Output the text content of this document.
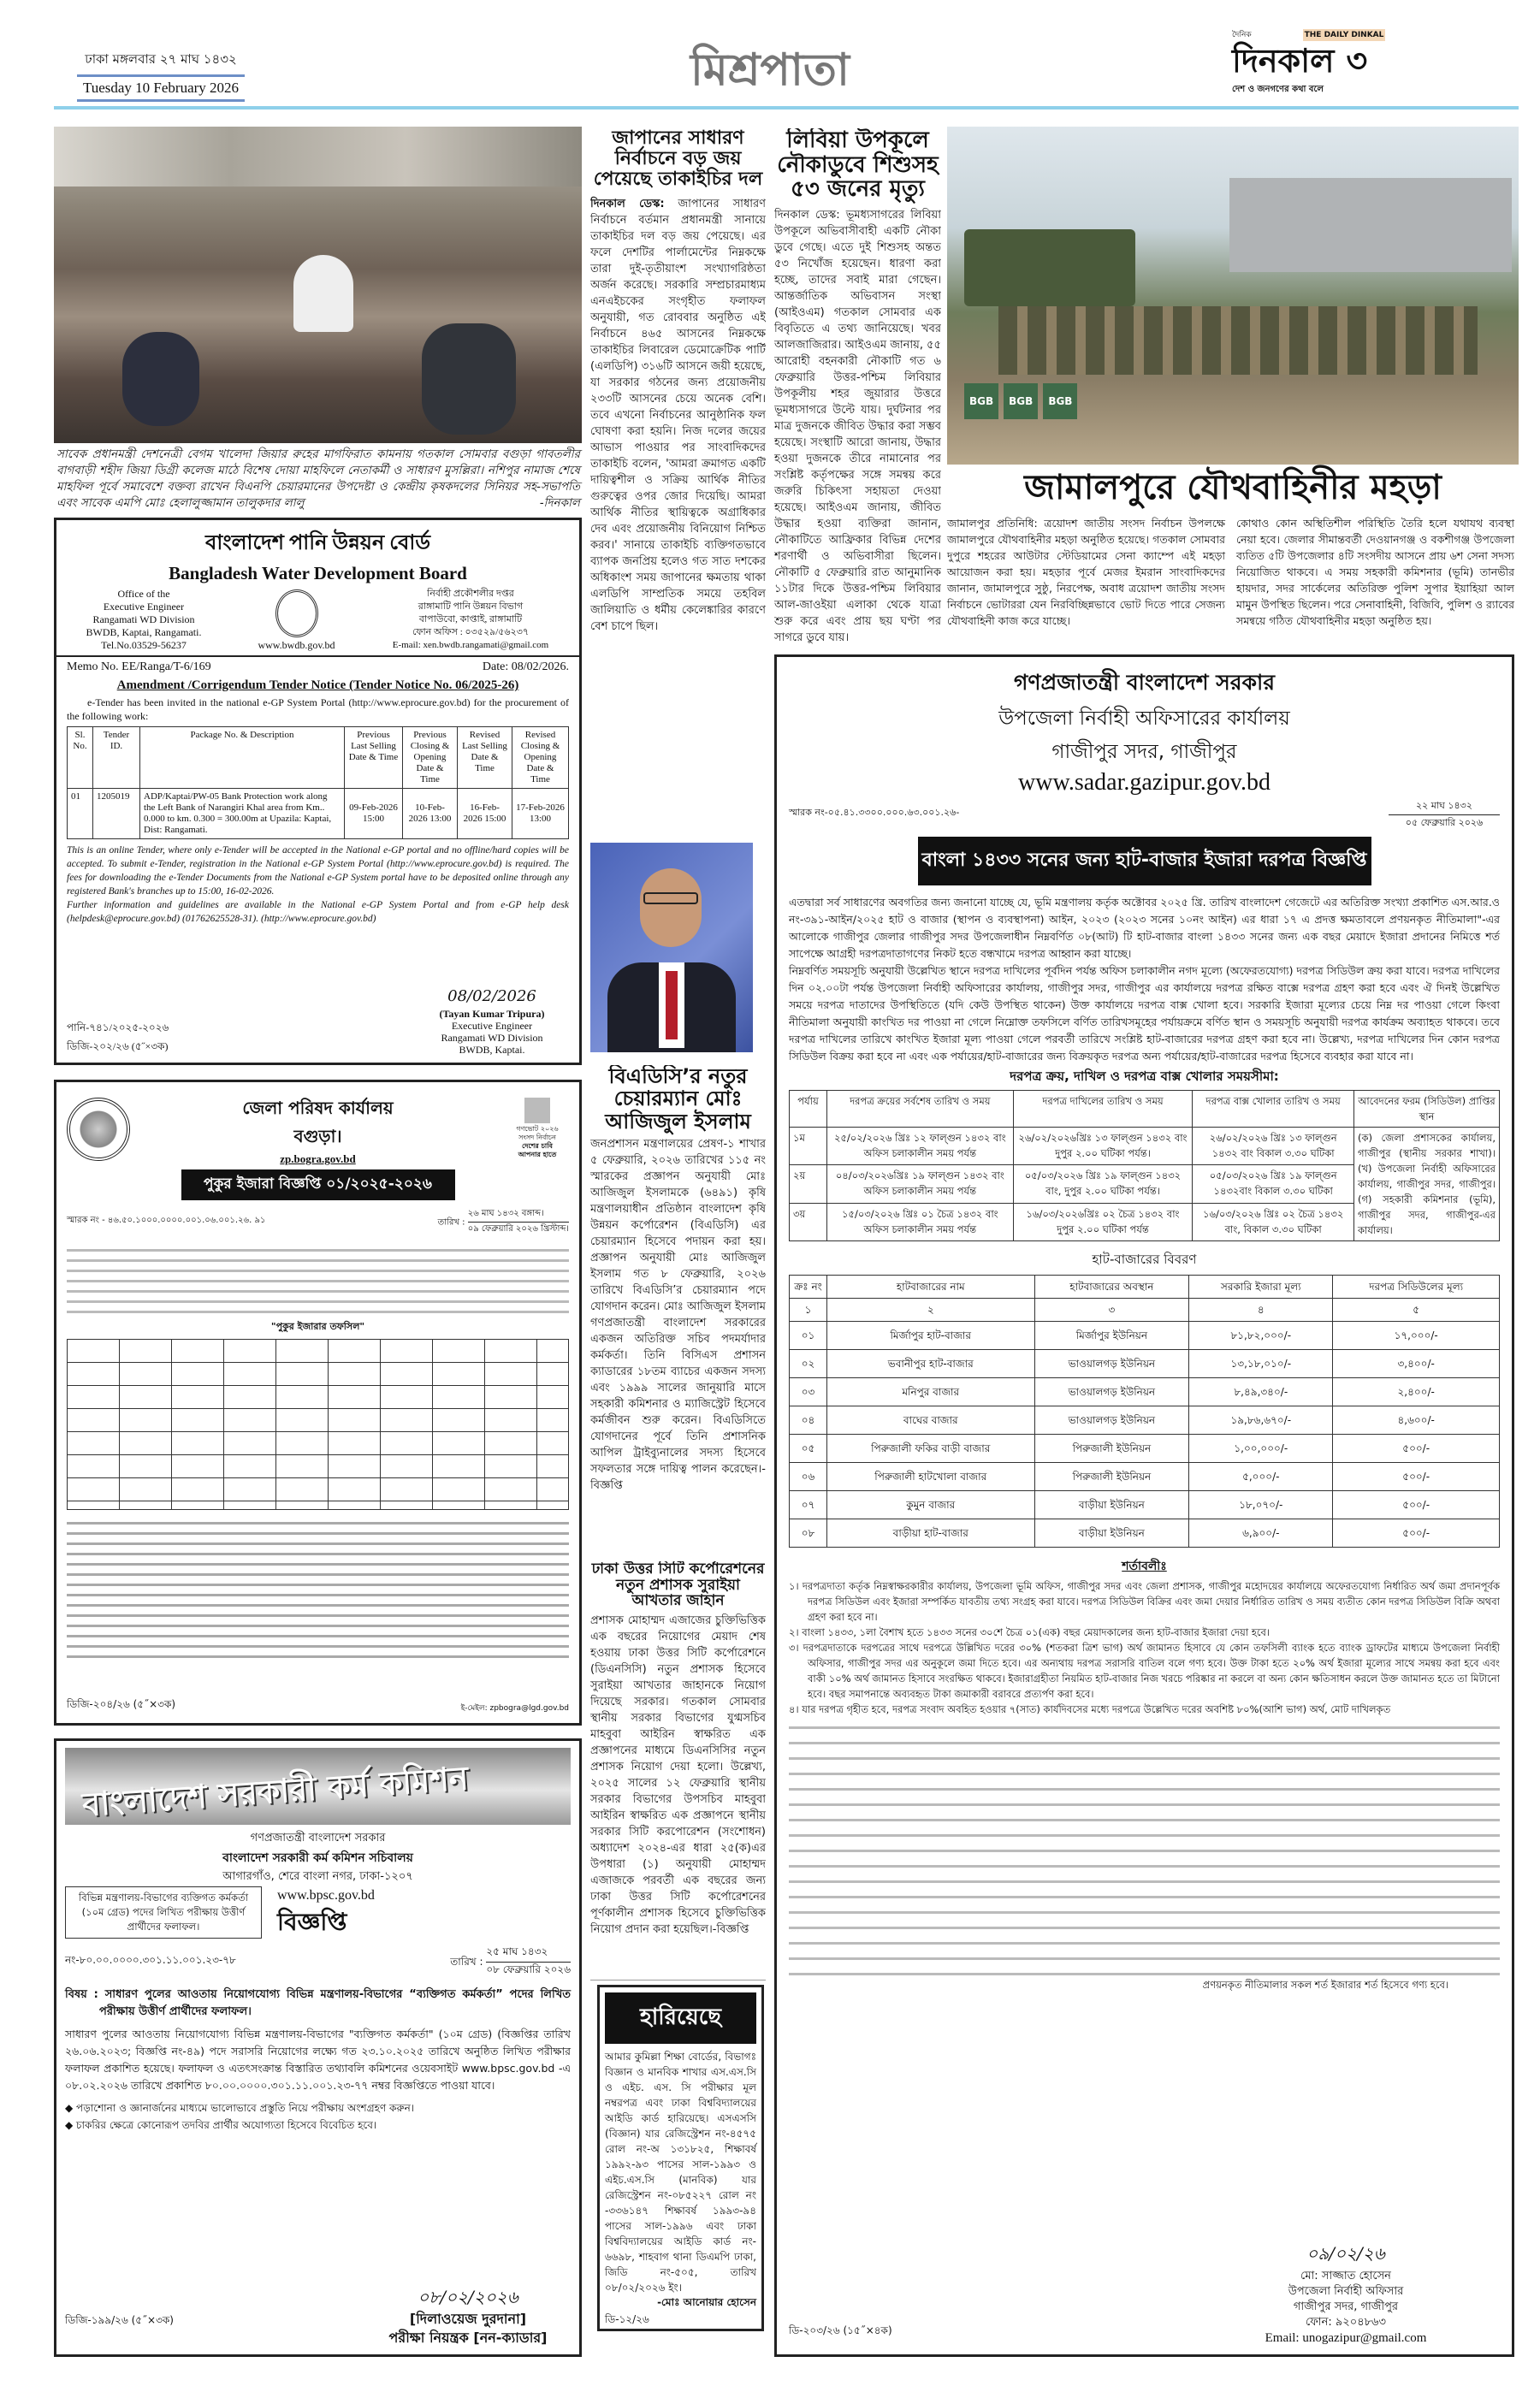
ঢাকা মঙ্গলবার ২৭ মাঘ ১৪৩২
Tuesday 10 February 2026	মিশ্রপাতা
দৈনিক	THE DAILY DINKAL
দিনকাল ৩
দেশ ও জনগণের কথা বলে
সাবেক প্রধানমন্ত্রী দেশনেত্রী বেগম খালেদা জিয়ার রুহের মাগফিরাত কামনায় গতকাল সোমবার বগুড়া গাবতলীর বাগবাড়ী শহীদ জিয়া ডিগ্রী কলেজ মাঠে বিশেষ দোয়া মাহফিলে নেতাকর্মী ও সাধারণ মুসল্লিরা। নশিপুর নামাজ শেষে মাহফিল পূর্বে সমাবেশে বক্তব্য রাখেন বিএনপি চেয়ারমানের উপদেষ্টা ও কেন্দ্রীয় কৃষকদলের সিনিয়র সহ-সভাপতি এবং সাবেক এমপি মোঃ হেলালুজ্জামান তালুকদার লালু	-দিনকাল
বাংলাদেশ পানি উন্নয়ন বোর্ড
Bangladesh Water Development Board
Office of the
Executive Engineer
Rangamati WD Division
BWDB, Kaptai, Rangamati.
Tel.No.03529-56237	www.bwdb.gov.bd
নির্বাহী প্রকৌশলীর দপ্তর
রাঙ্গামাটি পানি উন্নয়ন বিভাগ
বাপাউবো, কাপ্তাই, রাঙ্গামাটি
ফোন অফিস : ০৩৫২৯/৫৬২৩৭
E-mail: xen.bwdb.rangamati@gmail.com
Memo No. EE/Ranga/T-6/169	Date: 08/02/2026.
Amendment /Corrigendum Tender Notice (Tender Notice No. 06/2025-26)
e-Tender has been invited in the national e-GP System Portal (http://www.eprocure.gov.bd) for the procurement of the following work:
Sl. No.	Tender ID.	Package No. & Description	Previous Last Selling Date & Time	Previous Closing & Opening Date & Time	Revised Last Selling Date & Time	Revised Closing & Opening Date & Time
01	1205019	ADP/Kaptai/PW-05 Bank Protection work along the Left Bank of Narangiri Khal area from Km.. 0.000 to km. 0.300 = 300.00m at Upazila: Kaptai, Dist: Rangamati.	09-Feb-2026 15:00	10-Feb-2026 13:00	16-Feb-2026 15:00	17-Feb-2026 13:00
This is an online Tender, where only e-Tender will be accepted in the National e-GP portal and no offline/hard copies will be accepted. To submit e-Tender, registration in the National e-GP System Portal (http://www.eprocure.gov.bd) is required. The fees for downloading the e-Tender Documents from the National e-GP System portal have to be deposited online through any registered Bank's branches up to 15:00, 16-02-2026.
Further information and guidelines are available in the National e-GP System Portal and from e-GP help desk (helpdesk@eprocure.gov.bd) (01762625528-31). (http://www.eprocure.gov.bd)
পানি-৭৪১/২০২৫-২০২৬
ডিজি-২০২/২৬ (৫˝×৩ক)
08/02/2026
(Tayan Kumar Tripura)
Executive Engineer
Rangamati WD Division
BWDB, Kaptai.
জেলা পরিষদ কার্যালয়
বগুড়া।
zp.bogra.gov.bd
পুকুর ইজারা বিজ্ঞপ্তি ০১/২০২৫-২০২৬
গণভোট ২০২৬
সংসদ নির্বাচন
দেশের চাবি
আপনার হাতে
স্মারক নং - ৪৬.৫০.১০০০.০০০০.০০১.০৬.০০১.২৬. ৯১	তারিখ :
২৬ মাঘ ১৪৩২ বঙ্গাব্দ।
০৯ ফেব্রুয়ারি ২০২৬ খ্রিস্টাব্দ।
"পুকুর ইজারার তফসিল"
ডিজি-২০৪/২৬ (৫˝×৩ক)	ই-মেইল: zpbogra@lgd.gov.bd
বাংলাদেশ সরকারী কর্ম কমিশন
গণপ্রজাতন্ত্রী বাংলাদেশ সরকার
বাংলাদেশ সরকারী কর্ম কমিশন সচিবালয়
আগারগাঁও, শেরে বাংলা নগর, ঢাকা-১২০৭
বিভিন্ন মন্ত্রণালয়-বিভাগের ব্যক্তিগত কর্মকর্তা (১০ম গ্রেড) পদের লিখিত পরীক্ষায় উত্তীর্ণ প্রার্থীদের ফলাফল।
www.bpsc.gov.bd
বিজ্ঞপ্তি
নং-৮০.০০.০০০০.৩০১.১১.০০১.২৩-৭৮	তারিখ :
২৫ মাঘ ১৪৩২
০৮ ফেব্রুয়ারি ২০২৬
বিষয় : সাধারণ পুলের আওতায় নিয়োগযোগ্য বিভিন্ন মন্ত্রণালয়-বিভাগের “ব্যক্তিগত কর্মকর্তা” পদের লিখিত পরীক্ষায় উত্তীর্ণ প্রার্থীদের ফলাফল।
সাধারণ পুলের আওতায় নিয়োগযোগ্য বিভিন্ন মন্ত্রণালয়-বিভাগের "ব্যক্তিগত কর্মকর্তা" (১০ম গ্রেড) (বিজ্ঞপ্তির তারিখ ২৬.০৬.২০২৩; বিজ্ঞপ্তি নং-৪৯) পদে সরাসরি নিয়োগের লক্ষ্যে গত ২৩.১০.২০২৫ তারিখে অনুষ্ঠিত লিখিত পরীক্ষার ফলাফল প্রকাশিত হয়েছে। ফলাফল ও এতৎসংক্রান্ত বিস্তারিত তথ্যাবলি কমিশনের ওয়েবসাইট www.bpsc.gov.bd -এ ০৮.০২.২০২৬ তারিখে প্রকাশিত ৮০.০০.০০০০.৩০১.১১.০০১.২৩-৭৭ নম্বর বিজ্ঞপ্তিতে পাওয়া যাবে।
◆ পড়াশোনা ও জ্ঞানার্জনের মাধ্যমে ভালোভাবে প্রস্তুতি নিয়ে পরীক্ষায় অংশগ্রহণ করুন।
◆ চাকরির ক্ষেত্রে কোনোরূপ তদবির প্রার্থীর অযোগ্যতা হিসেবে বিবেচিত হবে।
ডিজি-১৯৯/২৬ (৫˝×৩ক)
০৮/০২/২০২৬
[দিলাওয়েজ দুরদানা]
পরীক্ষা নিয়ন্ত্রক [নন-ক্যাডার]
জাপানের সাধারণ নির্বাচনে বড় জয় পেয়েছে তাকাইচির দল
দিনকাল ডেস্ক: জাপানের সাধারণ নির্বাচনে বর্তমান প্রধানমন্ত্রী সানায়ে তাকাইচির দল বড় জয় পেয়েছে। এর ফলে দেশটির পার্লামেন্টের নিম্নকক্ষে তারা দুই-তৃতীয়াংশ সংখ্যাগরিষ্ঠতা অর্জন করেছে। সরকারি সম্প্রচারমাধ্যম এনএইচকের সংগৃহীত ফলাফল অনুযায়ী, গত রোববার অনুষ্ঠিত এই নির্বাচনে ৪৬৫ আসনের নিম্নকক্ষে তাকাইচির লিবারেল ডেমোক্রেটিক পার্টি (এলডিপি) ৩১৬টি আসনে জয়ী হয়েছে, যা সরকার গঠনের জন্য প্রয়োজনীয় ২৩৩টি আসনের চেয়ে অনেক বেশি। তবে এখনো নির্বাচনের আনুষ্ঠানিক ফল ঘোষণা করা হয়নি। নিজ দলের জয়ের আভাস পাওয়ার পর সাংবাদিকদের তাকাইচি বলেন, 'আমরা ক্রমাগত একটি দায়িত্বশীল ও সক্রিয় আর্থিক নীতির গুরুত্বের ওপর জোর দিয়েছি। আমরা আর্থিক নীতির স্থায়িত্বকে অগ্রাধিকার দেব এবং প্রয়োজনীয় বিনিয়োগ নিশ্চিত করব।' সানায়ে তাকাইচি ব্যক্তিগতভাবে ব্যাপক জনপ্রিয় হলেও গত সাত দশকের অধিকাংশ সময় জাপানের ক্ষমতায় থাকা এলডিপি সাম্প্রতিক সময়ে তহবিল জালিয়াতি ও ধর্মীয় কেলেঙ্কারির কারণে বেশ চাপে ছিল।
লিবিয়া উপকূলে নৌকাডুবে শিশুসহ ৫৩ জনের মৃত্যু
দিনকাল ডেস্ক: ভূমধ্যসাগরের লিবিয়া উপকূলে অভিবাসীবাহী একটি নৌকা ডুবে গেছে। এতে দুই শিশুসহ অন্তত ৫৩ নিখোঁজ হয়েছেন। ধারণা করা হচ্ছে, তাদের সবাই মারা গেছেন। আন্তর্জাতিক অভিবাসন সংস্থা (আইওএম) গতকাল সোমবার এক বিবৃতিতে এ তথ্য জানিয়েছে। খবর আলজাজিরার। আইওএম জানায়, ৫৫ আরোহী বহনকারী নৌকাটি গত ৬ ফেব্রুয়ারি উত্তর-পশ্চিম লিবিয়ার উপকূলীয় শহর জুয়ারার উত্তরে ভূমধ্যসাগরে উল্টে যায়। দুর্ঘটনার পর মাত্র দুজনকে জীবিত উদ্ধার করা সম্ভব হয়েছে। সংস্থাটি আরো জানায়, উদ্ধার হওয়া দুজনকে তীরে নামানোর পর সংশ্লিষ্ট কর্তৃপক্ষের সঙ্গে সমন্বয় করে জরুরি চিকিৎসা সহায়তা দেওয়া হয়েছে। আইওএম জানায়, জীবিত উদ্ধার হওয়া ব্যক্তিরা জানান, নৌকাটিতে আফ্রিকার বিভিন্ন দেশের শরণার্থী ও অভিবাসীরা ছিলেন। নৌকাটি ৫ ফেব্রুয়ারি রাত আনুমানিক ১১টার দিকে উত্তর-পশ্চিম লিবিয়ার আল-জাওইয়া এলাকা থেকে যাত্রা শুরু করে এবং প্রায় ছয় ঘণ্টা পর সাগরে ডুবে যায়।
BGB	BGB	BGB
জামালপুরে যৌথবাহিনীর মহড়া
জামালপুর প্রতিনিধি: ত্রয়োদশ জাতীয় সংসদ নির্বাচন উপলক্ষে জামালপুরে যৌথবাহিনীর মহড়া অনুষ্ঠিত হয়েছে। গতকাল সোমবার দুপুরে শহরের আউটার স্টেডিয়ামের সেনা ক্যাম্পে এই মহড়া আয়োজন করা হয়। মহড়ার পূর্বে মেজর ইমরান সাংবাদিকদের জানান, জামালপুরে সুষ্ঠু, নিরপেক্ষ, অবাধ ত্রয়োদশ জাতীয় সংসদ নির্বাচনে ভোটাররা যেন নিরবিচ্ছিন্নভাবে ভোট দিতে পারে সেজন্য যৌথবাহিনী কাজ করে যাচ্ছে।
কোথাও কোন অস্থিতিশীল পরিস্থিতি তৈরি হলে যথাযথ ব্যবস্থা নেয়া হবে। জেলার সীমান্তবর্তী দেওয়ানগঞ্জ ও বকশীগঞ্জ উপজেলা ব্যতিত ৫টি উপজেলার ৪টি সংসদীয় আসনে প্রায় ৬শ সেনা সদস্য নিয়োজিত থাকবে। এ সময় সহকারী কমিশনার (ভূমি) তানভীর হায়দার, সদর সার্কেলের অতিরিক্ত পুলিশ সুপার ইয়াহিয়া আল মামুন উপস্থিত ছিলেন। পরে সেনাবাহিনী, বিজিবি, পুলিশ ও র‌্যাবের সমন্বয়ে গঠিত যৌথবাহিনীর মহড়া অনুষ্ঠিত হয়।
বিএডিসি’র নতুর চেয়ারম্যান মোঃ আজিজুল ইসলাম
জনপ্রশাসন মন্ত্রণালয়ের প্রেষণ-১ শাখার ৫ ফেব্রুয়ারি, ২০২৬ তারিখের ১১৫ নং স্মারকের প্রজ্ঞাপন অনুযায়ী মোঃ আজিজুল ইসলামকে (৬৪৯১) কৃষি মন্ত্রণালয়াধীন প্রতিষ্ঠান বাংলাদেশ কৃষি উন্নয়ন কর্পোরেশন (বিএডিসি) এর চেয়ারম্যান হিসেবে পদায়ন করা হয়। প্রজ্ঞাপন অনুযায়ী মোঃ আজিজুল ইসলাম গত ৮ ফেব্রুয়ারি, ২০২৬ তারিখে বিএডিসি’র চেয়ারম্যান পদে যোগদান করেন। মোঃ আজিজুল ইসলাম গণপ্রজাতন্ত্রী বাংলাদেশ সরকারের একজন অতিরিক্ত সচিব পদমর্যাদার কর্মকর্তা। তিনি বিসিএস প্রশাসন ক্যাডারের ১৮তম ব্যাচের একজন সদস্য এবং ১৯৯৯ সালের জানুয়ারি মাসে সহকারী কমিশনার ও ম্যাজিস্ট্রেট হিসেবে কর্মজীবন শুরু করেন। বিএডিসিতে যোগদানের পূর্বে তিনি প্রশাসনিক আপিল ট্রাইব্যুনালের সদস্য হিসেবে সফলতার সঙ্গে দায়িত্ব পালন করেছেন।-বিজ্ঞপ্তি
ঢাকা উত্তর সিটি কর্পোরেশনের নতুন প্রশাসক সুরাইয়া আখতার জাহান
প্রশাসক মোহাম্মদ এজাজের চুক্তিভিত্তিক এক বছরের নিয়োগের মেয়াদ শেষ হওয়ায় ঢাকা উত্তর সিটি কর্পোরেশনে (ডিএনসিসি) নতুন প্রশাসক হিসেবে সুরাইয়া আখতার জাহানকে নিয়োগ দিয়েছে সরকার। গতকাল সোমবার স্থানীয় সরকার বিভাগের যুগ্মসচিব মাহবুবা আইরিন স্বাক্ষরিত এক প্রজ্ঞাপনের মাধ্যমে ডিএনসিসির নতুন প্রশাসক নিয়োগ দেয়া হলো। উল্লেখ্য, ২০২৫ সালের ১২ ফেব্রুয়ারি স্থানীয় সরকার বিভাগের উপসচিব মাহবুবা আইরিন স্বাক্ষরিত এক প্রজ্ঞাপনে স্থানীয় সরকার সিটি করপোরেশন (সংশোধন) অধ্যাদেশ ২০২৪-এর ধারা ২৫(ক)এর উপধারা (১) অনুযায়ী মোহাম্মদ এজাজকে পরবর্তী এক বছরের জন্য ঢাকা উত্তর সিটি কর্পোরেশনের পূর্ণকালীন প্রশাসক হিসেবে চুক্তিভিত্তিক নিয়োগ প্রদান করা হয়েছিল।-বিজ্ঞপ্তি
হারিয়েছে
আমার কুমিল্লা শিক্ষা বোর্ডের, বিভাগঃ বিজ্ঞান ও মানবিক শাখার এস.এস.সি ও এইচ. এস. সি পরীক্ষার মূল নম্বরপত্র এবং ঢাকা বিশ্ববিদ্যালয়ের আইডি কার্ড হারিয়েছে। এসএসসি (বিজ্ঞান) যার রেজিস্ট্রেশন নং-৪৫৭৫ রোল নং-অ ১৩১৮২৫, শিক্ষাবর্ষ ১৯৯২-৯৩ পাসের সাল-১৯৯৩ ও এইচ.এস.সি (মানবিক) যার রেজিস্ট্রেশন নং-০৮৫২২৭ রোল নং -৩৩৬১৪৭ শিক্ষাবর্ষ ১৯৯৩-৯৪ পাসের সাল-১৯৯৬ এবং ঢাকা বিশ্ববিদ্যালয়ের আইডি কার্ড নং- ৬৬৯৮, শাহবাগ থানা ডিএমপি ঢাকা, জিডি নং-৫০৫, তারিখ ০৮/০২/২০২৬ ইং।
-মোঃ আনোয়ার হোসেন
ডি-১২/২৬
গণপ্রজাতন্ত্রী বাংলাদেশ সরকার
উপজেলা নির্বাহী অফিসারের কার্যালয়
গাজীপুর সদর, গাজীপুর
www.sadar.gazipur.gov.bd
স্মারক নং-০৫.৪১.৩৩০০.০০০.৬৩.০০১.২৬-
২২ মাঘ ১৪৩২
০৫ ফেব্রুয়ারি ২০২৬
বাংলা ১৪৩৩ সনের জন্য হাট-বাজার ইজারা দরপত্র বিজ্ঞপ্তি
এতদ্বারা সর্ব সাধারণের অবগতির জন্য জনানো যাচ্ছে যে, ভূমি মন্ত্রণালয় কর্তৃক অক্টোবর ২০২৫ খ্রি. তারিখ বাংলাদেশ গেজেটে এর অতিরিক্ত সংখ্যা প্রকাশিত এস.আর.ও নং-৩৯১-আইন/২০২৫ হাট ও বাজার (স্থাপন ও ব্যবস্থাপনা) আইন, ২০২৩ (২০২৩ সনের ১০নং আইন) এর ধারা ১৭ এ প্রদত্ত ক্ষমতাবলে প্রণয়নকৃত নীতিমালা"-এর আলোকে গাজীপুর জেলার গাজীপুর সদর উপজেলাধীন নিম্নবর্ণিত ০৮(আট) টি হাট-বাজার বাংলা ১৪৩৩ সনের জন্য এক বছর মেয়াদে ইজারা প্রদানের নিমিত্তে শর্ত সাপেক্ষে আগ্রহী দরপত্রদাতাগণের নিকট হতে বন্ধখামে দরপত্র আহ্বান করা যাচ্ছে।
নিম্নবর্ণিত সময়সূচি অনুযায়ী উল্লেখিত স্থানে দরপত্র দাখিলের পূর্বদিন পর্যন্ত অফিস চলাকালীন নগদ মূল্যে (অফেরতযোগ্য) দরপত্র সিডিউল ক্রয় করা যাবে। দরপত্র দাখিলের দিন ০২.০০টা পর্যন্ত উপজেলা নির্বাহী অফিসারের কার্যালয়, গাজীপুর সদর, গাজীপুর এর কার্যালয়ে দরপত্র রক্ষিত বাক্সে দরপত্র গ্রহণ করা হবে এবং ঐ দিনই উল্লেখিত সময়ে দরপত্র দাতাদের উপস্থিতিতে (যদি কেউ উপস্থিত থাকেন) উক্ত কার্যালয়ে দরপত্র বাক্স খোলা হবে। সরকারি ইজারা মূল্যের চেয়ে নিম্ন দর পাওয়া গেলে কিংবা নীতিমালা অনুযায়ী কাংখিত দর পাওয়া না গেলে নিম্নোক্ত তফসিলে বর্ণিত তারিখসমূহের পর্যায়ক্রমে বর্ণিত স্থান ও সময়সূচি অনুযায়ী দরপত্র কার্যক্রম অব্যাহত থাকবে। তবে দরপত্র দাখিলের তারিখে কাংখিত ইজারা মূল্য পাওয়া গেলে পরবর্তী তারিখে সংশ্লিষ্ট হাট-বাজারের দরপত্র গ্রহণ করা হবে না। উল্লেখ্য, দরপত্র দাখিলের দিন কোন দরপত্র সিডিউল বিক্রয় করা হবে না এবং এক পর্যায়ের/হাট-বাজারের জন্য বিক্রয়কৃত দরপত্র অন্য পর্যায়ের/হাট-বাজারের দরপত্র হিসেবে ব্যবহার করা যাবে না।
দরপত্র ক্রয়, দাখিল ও দরপত্র বাক্স খোলার সময়সীমা:
পর্যায়	দরপত্র ক্রয়ের সর্বশেষ তারিখ ও সময়	দরপত্র দাখিলের তারিখ ও সময়	দরপত্র বাক্স খোলার তারিখ ও সময়	আবেদনের ফরম (সিডিউল) প্রাপ্তির স্থান
১ম	২৫/০২/২০২৬ খ্রিঃ ১২ ফাল্গুন ১৪৩২ বাং অফিস চলাকালীন সময় পর্যন্ত	২৬/০২/২০২৬খ্রিঃ ১৩ ফাল্গুন ১৪৩২ বাং দুপুর ২.০০ ঘটিকা পর্যন্ত।	২৬/০২/২০২৬ খ্রিঃ ১৩ ফাল্গুন ১৪৩২ বাং বিকাল ৩.৩০ ঘটিকা	(ক) জেলা প্রশাসকের কার্যালয়, গাজীপুর (স্থানীয় সরকার শাখা)। (খ) উপজেলা নির্বাহী অফিসারের কার্যালয়, গাজীপুর সদর, গাজীপুর। (গ) সহকারী কমিশনার (ভূমি), গাজীপুর সদর, গাজীপুর-এর কার্যালয়।
২য়	০৪/০৩/২০২৬খ্রিঃ ১৯ ফাল্গুন ১৪৩২ বাং অফিস চলাকালীন সময় পর্যন্ত	০৫/০৩/২০২৬ খ্রিঃ ১৯ ফাল্গুন ১৪৩২ বাং, দুপুর ২.০০ ঘটিকা পর্যন্ত।	০৫/০৩/২০২৬ খ্রিঃ ১৯ ফাল্গুন ১৪৩২বাং বিকাল ৩.৩০ ঘটিকা	
৩য়	১৫/০৩/২০২৬ খ্রিঃ ০১ চৈত্র ১৪৩২ বাং অফিস চলাকালীন সময় পর্যন্ত	১৬/০৩/২০২৬খ্রিঃ ০২ চৈত্র ১৪৩২ বাং দুপুর ২.০০ ঘটিকা পর্যন্ত	১৬/০৩/২০২৬ খ্রিঃ ০২ চৈত্র ১৪৩২ বাং, বিকাল ৩.৩০ ঘটিকা	
হাট-বাজারের বিবরণ
ক্রঃ নং	হাটবাজারের নাম	হাটবাজারের অবস্থান	সরকারি ইজারা মূল্য	দরপত্র সিডিউলের মূল্য
১	২	৩	৪	৫
০১	মির্জাপুর হাট-বাজার	মির্জাপুর ইউনিয়ন	৮১,৮২,০০০/-	১৭,০০০/-
০২	ভবানীপুর হাট-বাজার	ভাওয়ালগড় ইউনিয়ন	১৩,১৮,০১০/-	৩,৪০০/-
০৩	মনিপুর বাজার	ভাওয়ালগড় ইউনিয়ন	৮,৪৯,৩৪০/-	২,৪০০/-
০৪	বাঘের বাজার	ভাওয়ালগড় ইউনিয়ন	১৯,৮৬,৬৭০/-	৪,৬০০/-
০৫	পিরুজালী ফকির বাড়ী বাজার	পিরুজালী ইউনিয়ন	১,০০,০০০/-	৫০০/-
০৬	পিরুজালী হাটখোলা বাজার	পিরুজালী ইউনিয়ন	৫,০০০/-	৫০০/-
০৭	কুমুন বাজার	বাড়ীয়া ইউনিয়ন	১৮,০৭০/-	৫০০/-
০৮	বাড়ীয়া হাট-বাজার	বাড়ীয়া ইউনিয়ন	৬,৯০০/-	৫০০/-
শর্তাবলীঃ
১। দরপত্রদাতা কর্তৃক নিম্নস্বাক্ষরকারীর কার্যালয়, উপজেলা ভূমি অফিস, গাজীপুর সদর এবং জেলা প্রশাসক, গাজীপুর মহোদয়ের কার্যালয়ে অফেরতযোগ্য নির্ধারিত অর্থ জমা প্রদানপূর্বক দরপত্র সিডিউল এবং ইজারা সম্পর্কিত যাবতীয় তথ্য সংগ্রহ করা যাবে। দরপত্র সিডিউল বিক্রির এবং জমা দেয়ার নির্ধারিত তারিখ ও সময় ব্যতীত কোন দরপত্র সিডিউল বিক্রি অথবা গ্রহণ করা হবে না।
২। বাংলা ১৪৩৩, ১লা বৈশাখ হতে ১৪৩৩ সনের ৩০শে চৈত্র ০১(এক) বছর মেয়াদকালের জন্য হাট-বাজার ইজারা দেয়া হবে।
৩। দরপত্রদাতাকে দরপত্রের সাথে দরপত্রে উল্লিখিত দরের ৩০% (শতকরা ত্রিশ ভাগ) অর্থ জামানত হিসাবে যে কোন তফসিলী ব্যাংক হতে ব্যাংক ড্রাফটের মাধ্যমে উপজেলা নির্বাহী অফিসার, গাজীপুর সদর এর অনুকূলে জমা দিতে হবে। এর অন্যথায় দরপত্র সরাসরি বাতিল বলে গণ্য হবে। উক্ত টাকা হতে ২০% অর্থ ইজারা মূল্যের সাথে সমন্বয় করা হবে এবং বাকী ১০% অর্থ জামানত হিসাবে সংরক্ষিত থাকবে। ইজারাগ্রহীতা নিয়মিত হাট-বাজার নিজ খরচে পরিষ্কার না করলে বা অন্য কোন ক্ষতিসাধন করলে উক্ত জামানত হতে তা মিটানো হবে। বছর সমাপনান্তে অব্যবহৃত টাকা জমাকারী বরাবরে প্রত্যর্পণ করা হবে।
৪। যার দরপত্র গৃহীত হবে, দরপত্র সংবাদ অবহিত হওয়ার ৭(সাত) কার্যদিবসের মধ্যে দরপত্রে উল্লেখিত দরের অবশিষ্ট ৮০%(আশি ভাগ) অর্থ, মোট দাখিলকৃত
প্রণয়নকৃত নীতিমালার সকল শর্ত ইজারার শর্ত হিসেবে গণ্য হবে।
ডি-২০৩/২৬ (১৫˝×৪ক)
০৯/০২/২৬
মো: সাজ্জাত হোসেন
উপজেলা নির্বাহী অফিসার
গাজীপুর সদর, গাজীপুর
ফোন: ৯২০৪৮৬৩
Email: unogazipur@gmail.com
